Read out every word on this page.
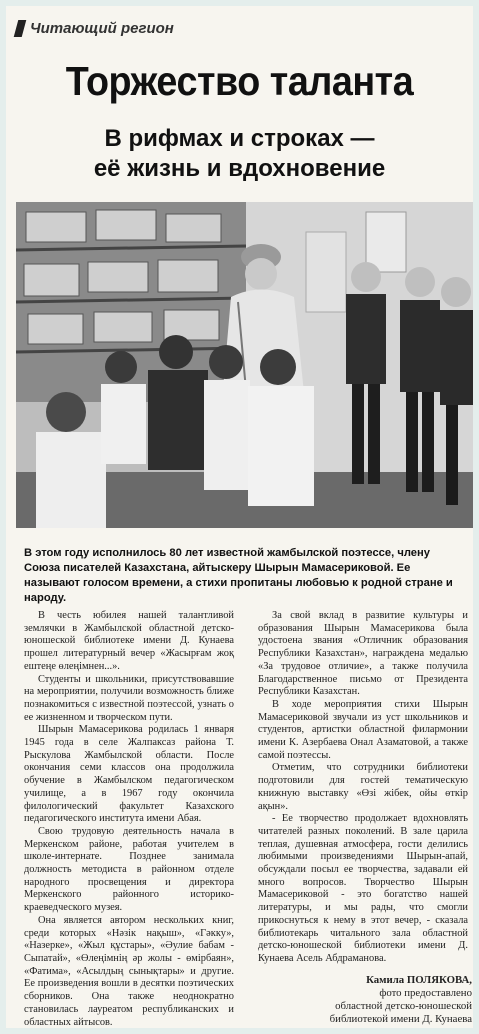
Читающий регион
Торжество таланта
В рифмах и строках —
её жизнь и вдохновение
В этом году исполнилось 80 лет известной жамбылской поэтессе, члену Союза писателей Казахстана, айтыскеру Шырын Мамасериковой. Ее называют голосом времени, а стихи пропитаны любовью к родной стране и народу.

В честь юбилея нашей талантливой землячки в Жамбылской областной детско-юношеской библиотеке имени Д. Кунаева прошел литературный вечер «Жасырғам жоқ ештеңе өлеңімнен...».

Студенты и школьники, присутствовавшие на мероприятии, получили возможность ближе познакомиться с известной поэтессой, узнать о ее жизненном и творческом пути.

Шырын Мамасерикова родилась 1 января 1945 года в селе Жалпаксаз района Т. Рыскулова Жамбылской области. После окончания семи классов она продолжила обучение в Жамбылском педагогическом училище, а в 1967 году окончила филологический факультет Казахского педагогического института имени Абая.

Свою трудовую деятельность начала в Меркенском районе, работая учителем в школе-интернате. Позднее занимала должность методиста в районном отделе народного просвещения и директора Меркенского районного историко-краеведческого музея.

Она является автором нескольких книг, среди которых «Нәзік нақыш», «Гәкку», «Назерке», «Жыл құстары», «Әулие бабам - Сыпатай», «Өлеңімнің әр жолы - өмірбаян», «Фатима», «Асылдың сынықтары» и другие. Ее произведения вошли в десятки поэтических сборников. Она также неоднократно становилась лауреатом республиканских и областных айтысов.

За свой вклад в развитие культуры и образования Шырын Мамасерикова была удостоена звания «Отличник образования Республики Казахстан», награждена медалью «За трудовое отличие», а также получила Благодарственное письмо от Президента Республики Казахстан.

В ходе мероприятия стихи Шырын Мамасериковой звучали из уст школьников и студентов, артистки областной филармонии имени К. Азербаева Онал Азаматовой, а также самой поэтессы.

Отметим, что сотрудники библиотеки подготовили для гостей тематическую книжную выставку «Өзі жібек, ойы өткір ақын».

- Ее творчество продолжает вдохновлять читателей разных поколений. В зале царила теплая, душевная атмосфера, гости делились любимыми произведениями Шырын-апай, обсуждали посыл ее творчества, задавали ей много вопросов. Творчество Шырын Мамасериковой - это богатство нашей литературы, и мы рады, что смогли прикоснуться к нему в этот вечер, - сказала библиотекарь читального зала областной детско-юношеской библиотеки имени Д. Кунаева Асель Абдраманова.

Камила ПОЛЯКОВА,
фото предоставлено
областной детско-юношеской
библиотекой имени Д. Кунаева
